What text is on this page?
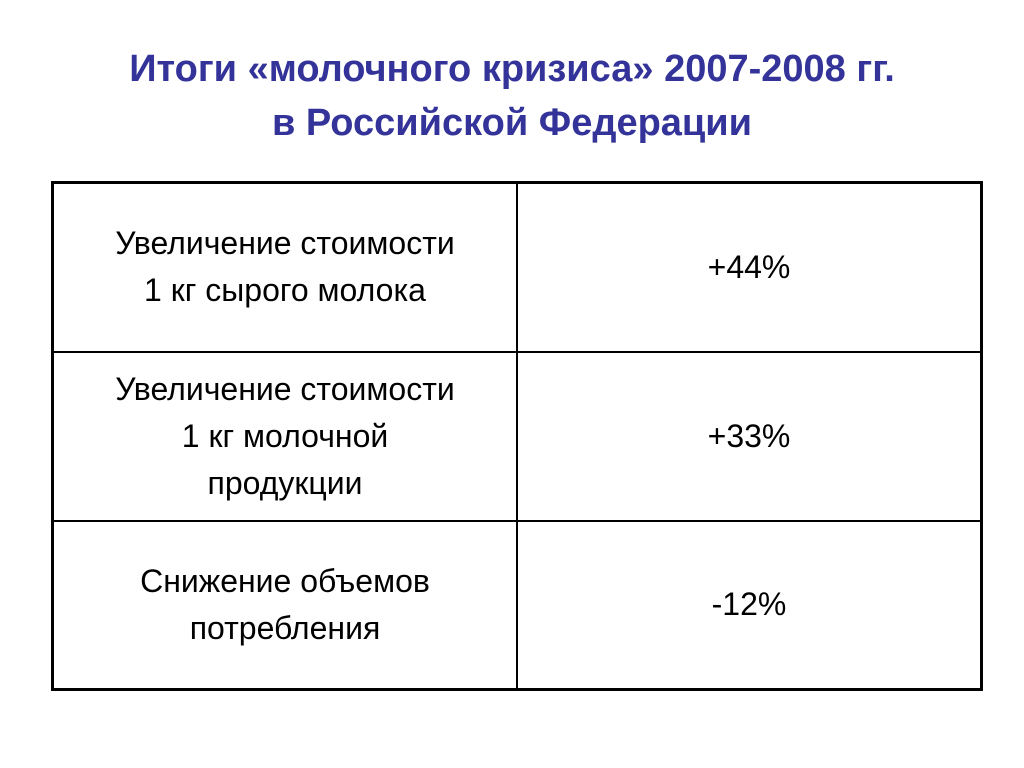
Итоги «молочного кризиса» 2007-2008 гг.
в Российской Федерации
Увеличение стоимости
1 кг сырого молока	+44%

Увеличение стоимости
1 кг молочной
продукции	+33%

Снижение объемов
потребления	-12%
